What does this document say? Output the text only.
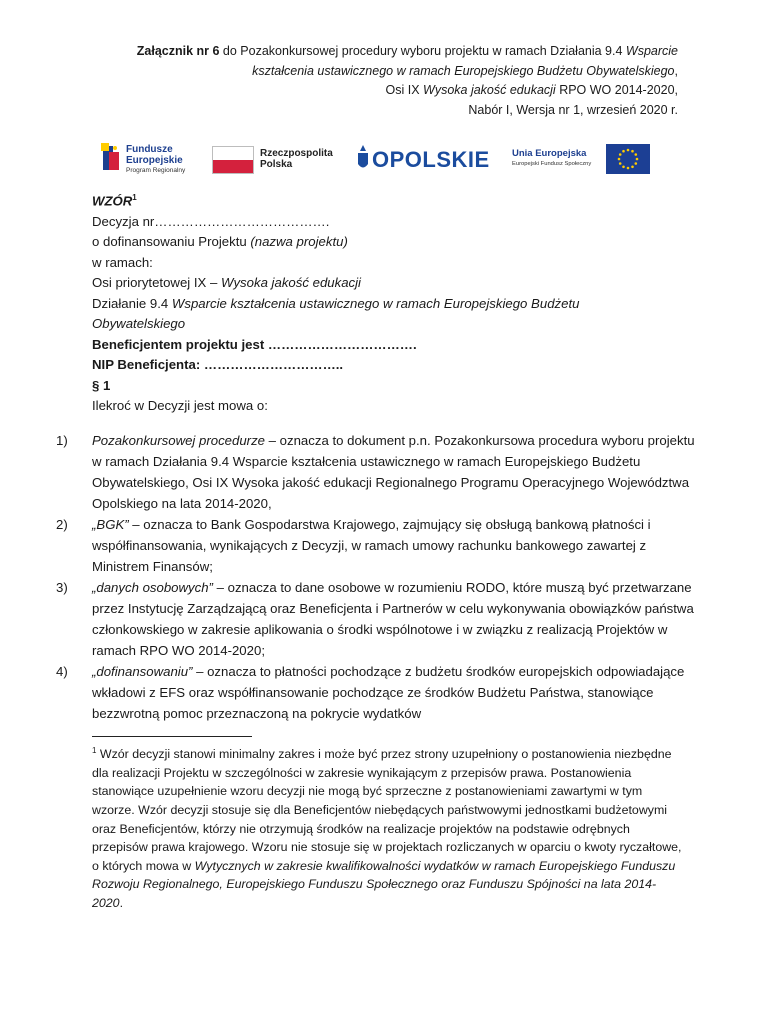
Załącznik nr 6 do Pozakonkursowej procedury wyboru projektu w ramach Działania 9.4 Wsparcie
kształcenia ustawicznego w ramach Europejskiego Budżetu Obywatelskiego,
Osi IX Wysoka jakość edukacji RPO WO 2014-2020,
Nabór I, Wersja nr 1, wrzesień 2020 r.
Fundusze
Europejskie
Program Regionalny
Rzeczpospolita
Polska	OPOLSKIE Unia Europejska
Europejski Fundusz Społeczny

WZÓR$^1$

Decyzja nr………………………………….

o dofinansowaniu Projektu (nazwa projektu)

w ramach:

Osi priorytetowej IX – Wysoka jakość edukacji

Działanie 9.4 Wsparcie kształcenia ustawicznego w ramach Europejskiego Budżetu

Obywatelskiego

Beneficjentem projektu jest …………………………….

NIP Beneficjenta: …………………………..

§ 1

Ilekroć w Decyzji jest mowa o:

1) Pozakonkursowej procedurze – oznacza to dokument p.n. Pozakonkursowa procedura wyboru projektu w ramach Działania 9.4 Wsparcie kształcenia ustawicznego w ramach Europejskiego Budżetu Obywatelskiego, Osi IX Wysoka jakość edukacji Regionalnego Programu Operacyjnego Województwa Opolskiego na lata 2014-2020,
2) „BGK” – oznacza to Bank Gospodarstwa Krajowego, zajmujący się obsługą bankową płatności i współfinansowania, wynikających z Decyzji, w ramach umowy rachunku bankowego zawartej z Ministrem Finansów;
3) „danych osobowych” – oznacza to dane osobowe w rozumieniu RODO, które muszą być przetwarzane przez Instytucję Zarządzającą oraz Beneficjenta i Partnerów w celu wykonywania obowiązków państwa członkowskiego w zakresie aplikowania o środki wspólnotowe i w związku z realizacją Projektów w ramach RPO WO 2014-2020;
4) „dofinansowaniu” – oznacza to płatności pochodzące z budżetu środków europejskich odpowiadające wkładowi z EFS oraz współfinansowanie pochodzące ze środków Budżetu Państwa, stanowiące bezzwrotną pomoc przeznaczoną na pokrycie wydatków

$^1$ Wzór decyzji stanowi minimalny zakres i może być przez strony uzupełniony o postanowienia niezbędne dla realizacji Projektu w szczególności w zakresie wynikającym z przepisów prawa. Postanowienia stanowiące uzupełnienie wzoru decyzji nie mogą być sprzeczne z postanowieniami zawartymi w tym wzorze. Wzór decyzji stosuje się dla Beneficjentów niebędących państwowymi jednostkami budżetowymi oraz Beneficjentów, którzy nie otrzymują środków na realizacje projektów na podstawie odrębnych przepisów prawa krajowego. Wzoru nie stosuje się w projektach rozliczanych w oparciu o kwoty ryczałtowe, o których mowa w Wytycznych w zakresie kwalifikowalności wydatków w ramach Europejskiego Funduszu Rozwoju Regionalnego, Europejskiego Funduszu Społecznego oraz Funduszu Spójności na lata 2014-2020.
